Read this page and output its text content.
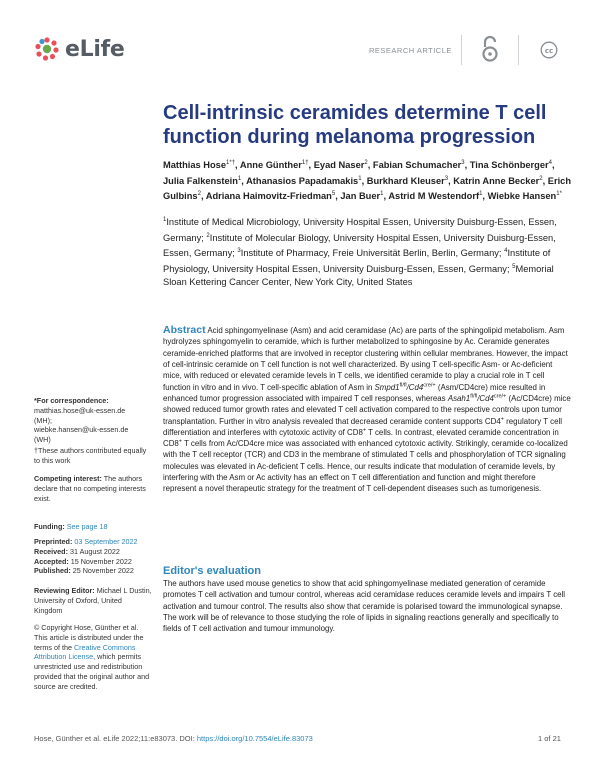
eLife	RESEARCH ARTICLE	cc
Cell-intrinsic ceramides determine T cell function during melanoma progression
Matthias Hose$^{1*\dagger}$, Anne Günther$^{1\dagger}$, Eyad Naser$^2$, Fabian Schumacher$^3$, Tina Schönberger$^4$, Julia Falkenstein$^1$, Athanasios Papadamakis$^1$, Burkhard Kleuser$^3$, Katrin Anne Becker$^2$, Erich Gulbins$^2$, Adriana Haimovitz-Friedman$^5$, Jan Buer$^1$, Astrid M Westendorf$^1$, Wiebke Hansen$^{1*}$
$^1$Institute of Medical Microbiology, University Hospital Essen, University Duisburg-Essen, Essen, Germany; $^2$Institute of Molecular Biology, University Hospital Essen, University Duisburg-Essen, Essen, Germany; $^3$Institute of Pharmacy, Freie Universität Berlin, Berlin, Germany; $^4$Institute of Physiology, University Hospital Essen, University Duisburg-Essen, Essen, Germany; $^5$Memorial Sloan Kettering Cancer Center, New York City, United States
*For correspondence:
matthias.hose@uk-essen.de
(MH);
wiebke.hansen@uk-essen.de
(WH)
†These authors contributed equally to this work
Competing interest: The authors declare that no competing interests exist.
Funding: See page 18
Preprinted: 03 September 2022
Received: 31 August 2022
Accepted: 15 November 2022
Published: 25 November 2022
Reviewing Editor: Michael L Dustin, University of Oxford, United Kingdom
© Copyright Hose, Günther et al. This article is distributed under the terms of the Creative Commons Attribution License, which permits unrestricted use and redistribution provided that the original author and source are credited.
Abstract Acid sphingomyelinase (Asm) and acid ceramidase (Ac) are parts of the sphingolipid metabolism. Asm hydrolyzes sphingomyelin to ceramide, which is further metabolized to sphingosine by Ac. Ceramide generates ceramide-enriched platforms that are involved in receptor clustering within cellular membranes. However, the impact of cell-intrinsic ceramide on T cell function is not well characterized. By using T cell-specific Asm- or Ac-deficient mice, with reduced or elevated ceramide levels in T cells, we identified ceramide to play a crucial role in T cell function in vitro and in vivo. T cell-specific ablation of Asm in $Smpd1^{fl/fl}/Cd4^{cre/+}$ (Asm/CD4cre) mice resulted in enhanced tumor progression associated with impaired T cell responses, whereas $Asah1^{fl/fl}/Cd4^{cre/+}$ (Ac/CD4cre) mice showed reduced tumor growth rates and elevated T cell activation compared to the respective controls upon tumor transplantation. Further in vitro analysis revealed that decreased ceramide content supports CD4+ regulatory T cell differentiation and interferes with cytotoxic activity of CD8+ T cells. In contrast, elevated ceramide concentration in CD8+ T cells from Ac/CD4cre mice was associated with enhanced cytotoxic activity. Strikingly, ceramide co-localized with the T cell receptor (TCR) and CD3 in the membrane of stimulated T cells and phosphorylation of TCR signaling molecules was elevated in Ac-deficient T cells. Hence, our results indicate that modulation of ceramide levels, by interfering with the Asm or Ac activity has an effect on T cell differentiation and function and might therefore represent a novel therapeutic strategy for the treatment of T cell-dependent diseases such as tumorigenesis.
Editor's evaluation
The authors have used mouse genetics to show that acid sphingomyelinase mediated generation of ceramide promotes T cell activation and tumour control, whereas acid ceramidase reduces ceramide levels and impairs T cell activation and tumour control. The results also show that ceramide is polarised toward the immunological synapse. The work will be of relevance to those studying the role of lipids in signaling reactions generally and specifically to fields of T cell activation and tumour immunology.
Hose, Günther et al. eLife 2022;11:e83073. DOI: https://doi.org/10.7554/eLife.83073	1 of 21
